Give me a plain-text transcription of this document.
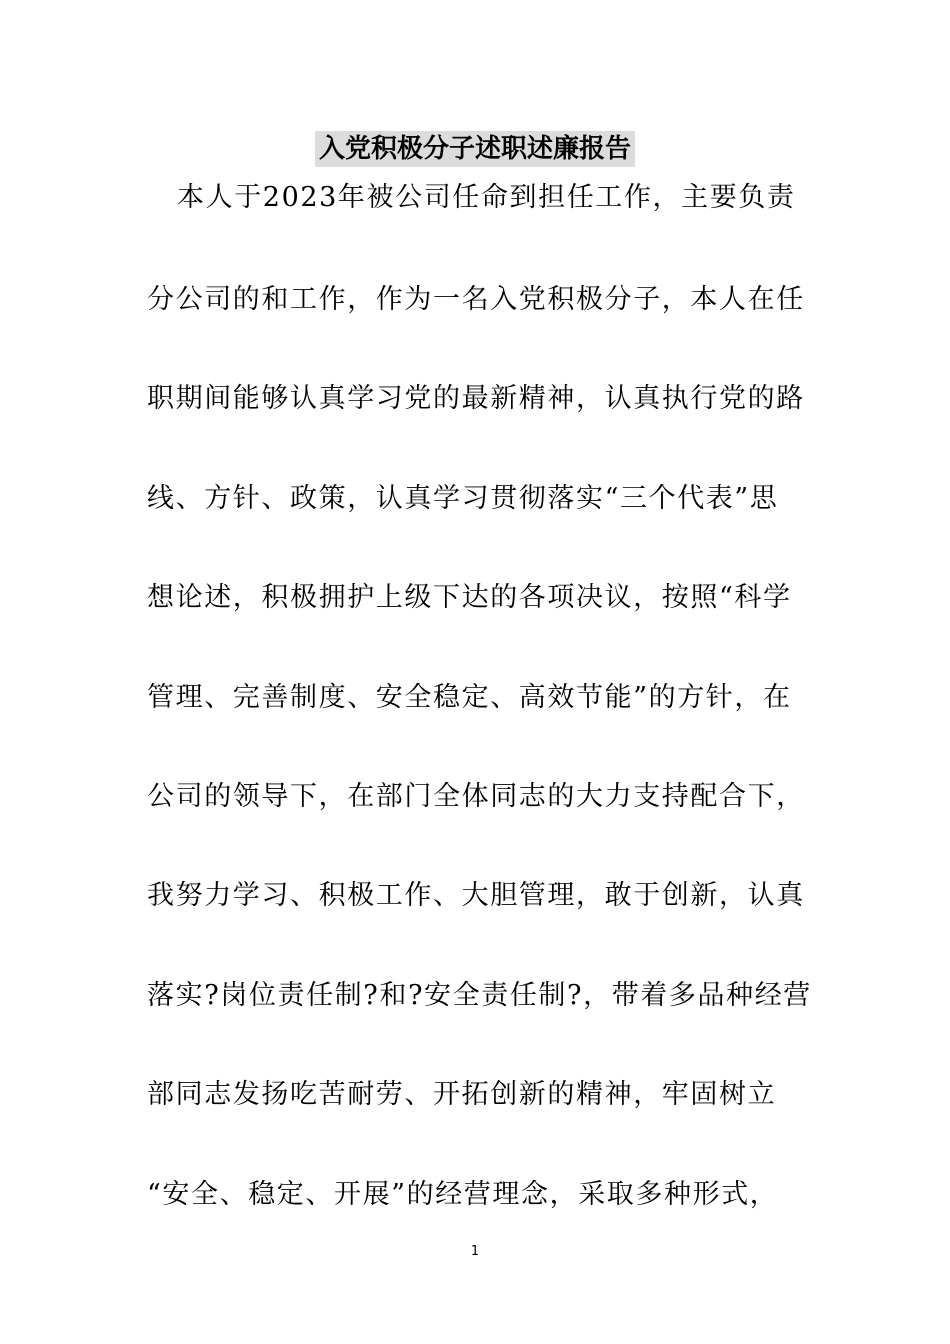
入党积极分子述职述廉报告
本人于2023年被公司任命到担任工作，主要负责
分公司的和工作，作为一名入党积极分子，本人在任
职期间能够认真学习党的最新精神，认真执行党的路
线、方针、政策，认真学习贯彻落实“三个代表”思
想论述，积极拥护上级下达的各项决议，按照“科学
管理、完善制度、安全稳定、高效节能”的方针，在
公司的领导下，在部门全体同志的大力支持配合下，
我努力学习、积极工作、大胆管理，敢于创新，认真
落实?岗位责任制?和?安全责任制?，带着多品种经营
部同志发扬吃苦耐劳、开拓创新的精神，牢固树立
“安全、稳定、开展”的经营理念，采取多种形式，
1
